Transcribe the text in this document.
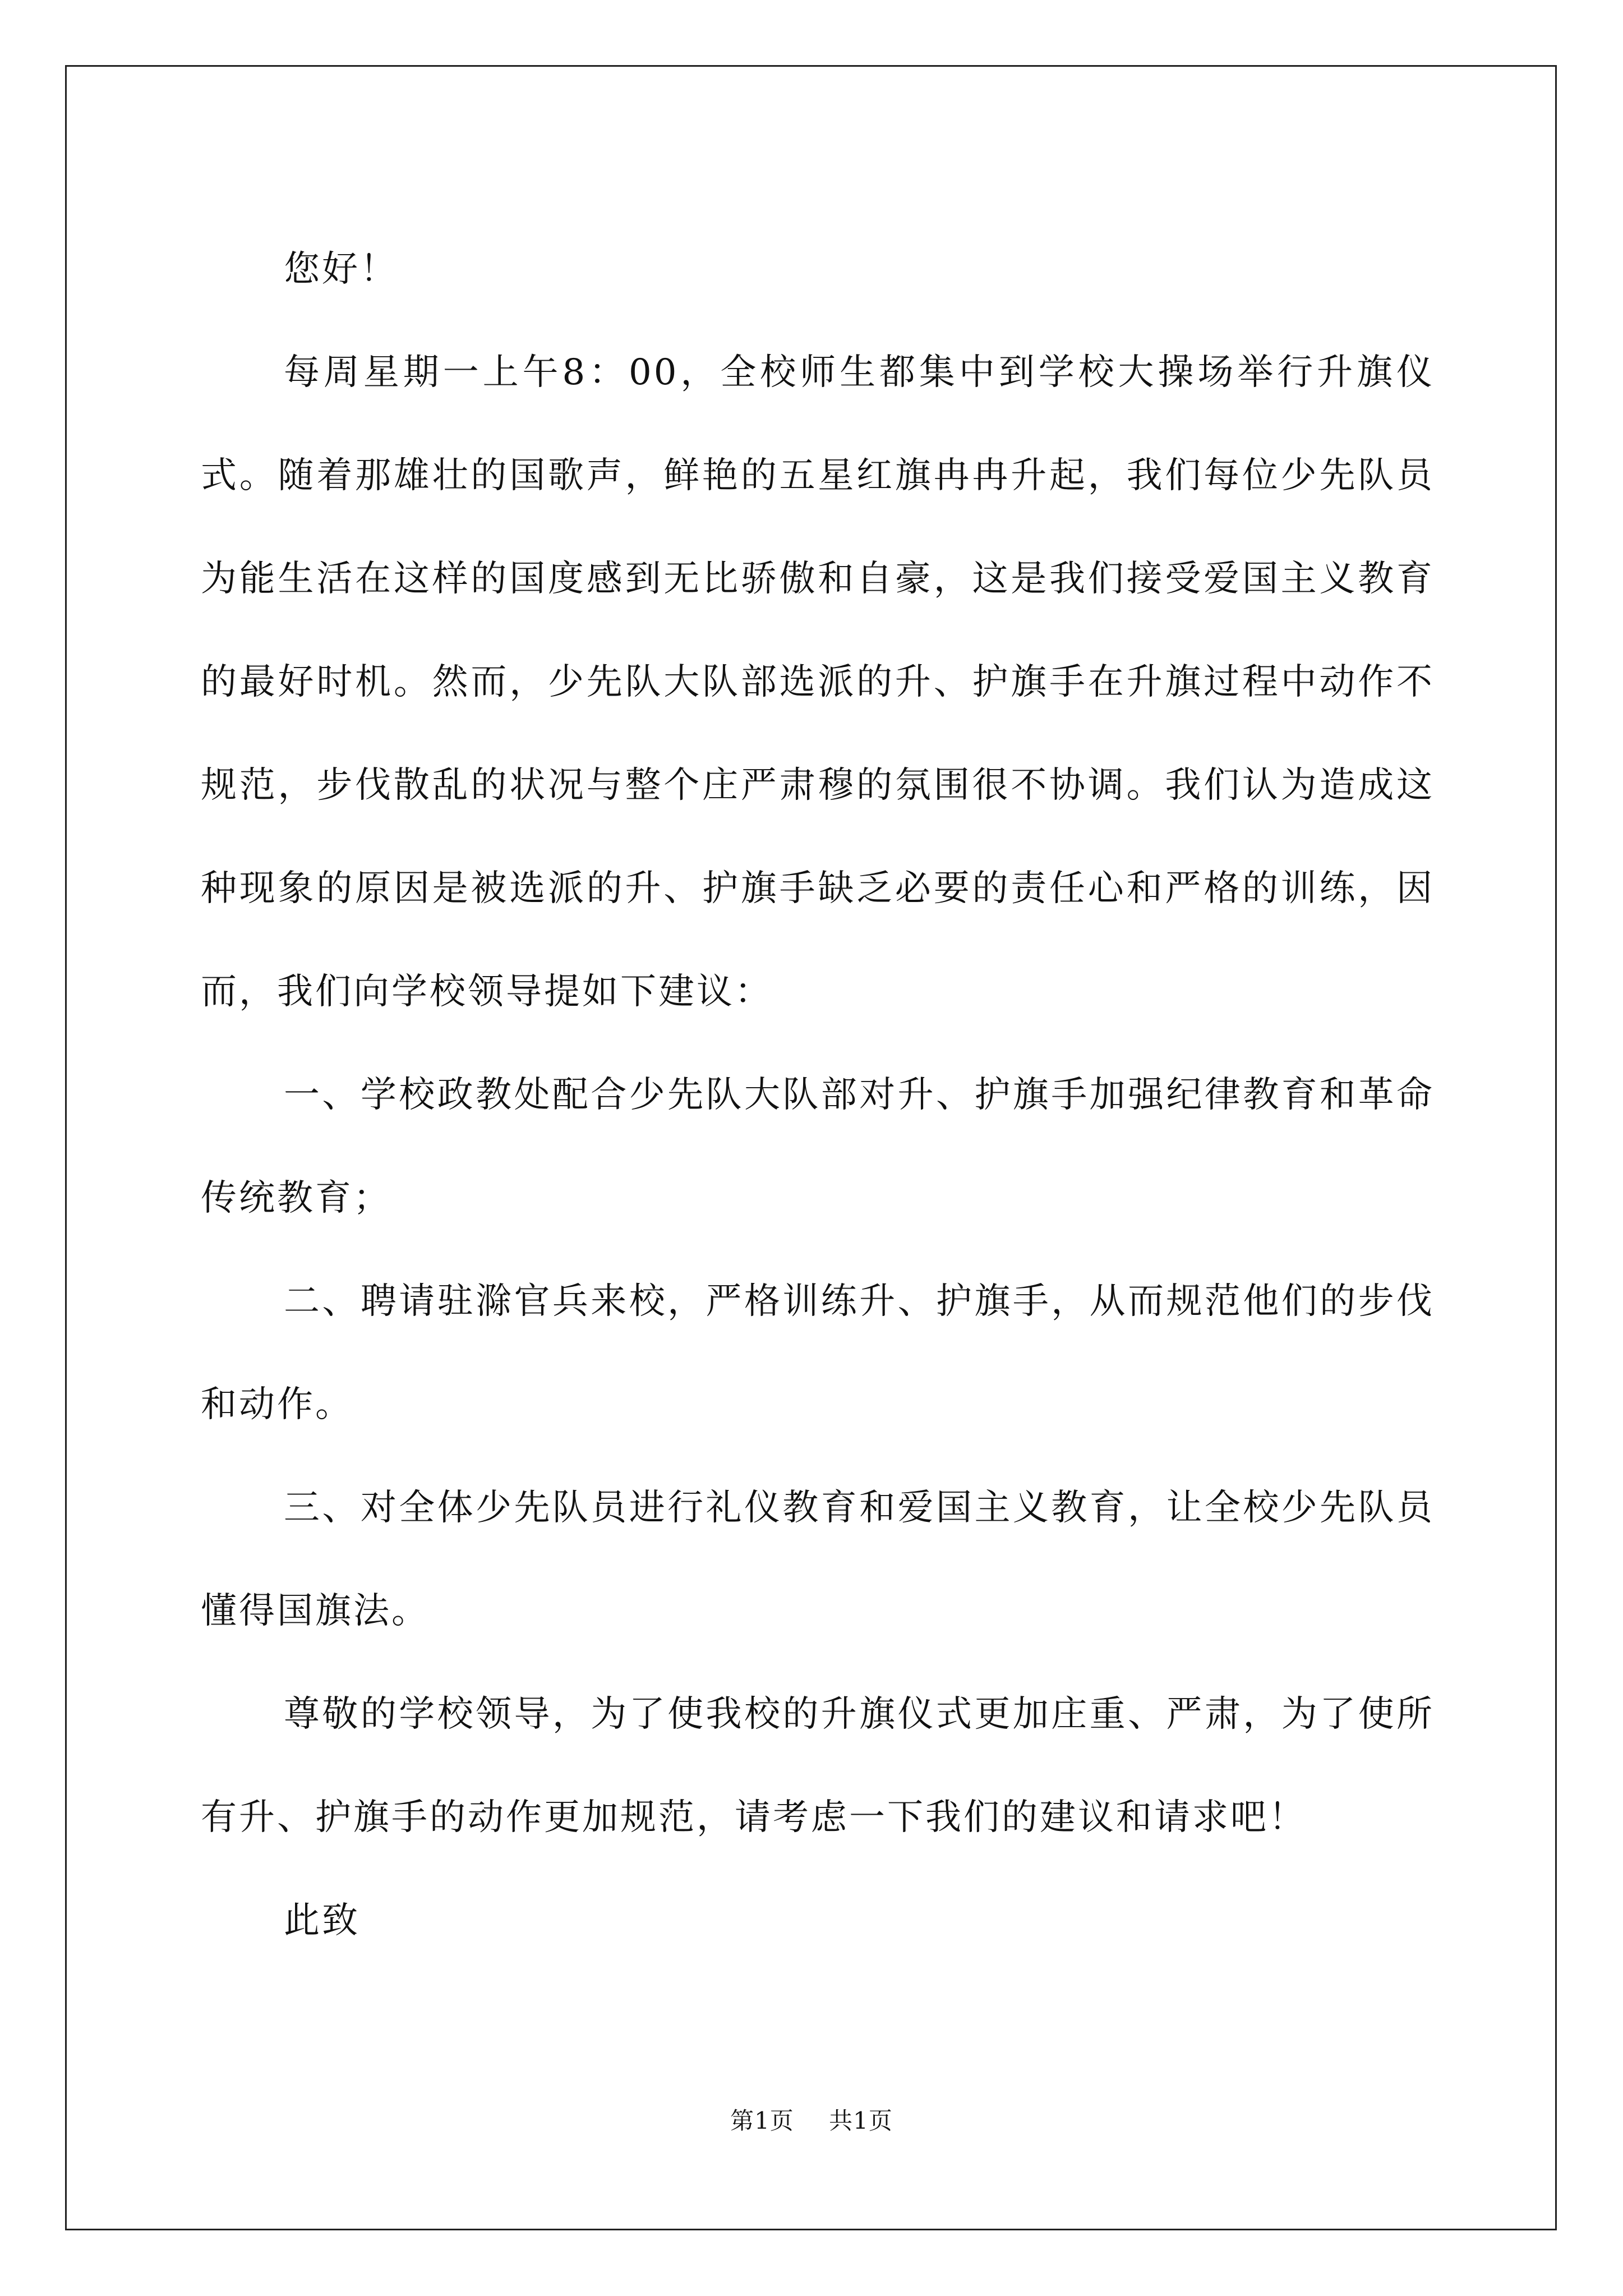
您好！

每周星期一上午8：00，全校师生都集中到学校大操场举行升旗仪式。随着那雄壮的国歌声，鲜艳的五星红旗冉冉升起，我们每位少先队员为能生活在这样的国度感到无比骄傲和自豪，这是我们接受爱国主义教育的最好时机。然而，少先队大队部选派的升、护旗手在升旗过程中动作不规范，步伐散乱的状况与整个庄严肃穆的氛围很不协调。我们认为造成这种现象的原因是被选派的升、护旗手缺乏必要的责任心和严格的训练，因而，我们向学校领导提如下建议：

一、学校政教处配合少先队大队部对升、护旗手加强纪律教育和革命传统教育；

二、聘请驻滁官兵来校，严格训练升、护旗手，从而规范他们的步伐和动作。

三、对全体少先队员进行礼仪教育和爱国主义教育，让全校少先队员懂得国旗法。

尊敬的学校领导，为了使我校的升旗仪式更加庄重、严肃，为了使所有升、护旗手的动作更加规范，请考虑一下我们的建议和请求吧！

此致

第1页 共1页
